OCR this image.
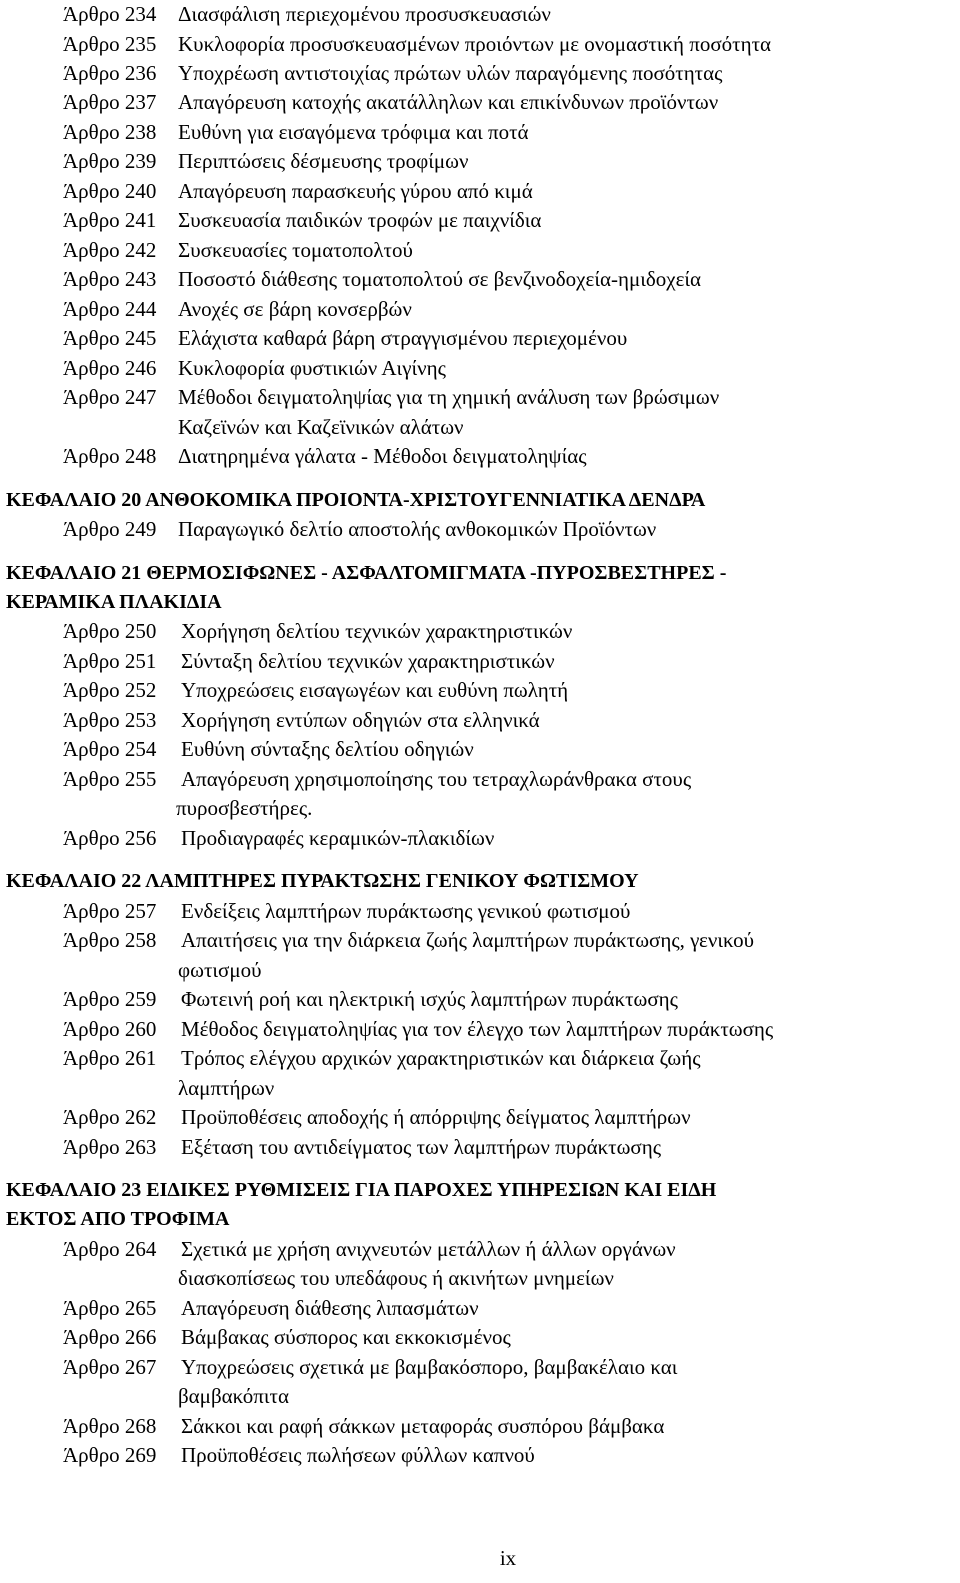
Άρθρο 234 Διασφάλιση περιεχομένου προσυσκευασιών
Άρθρο 235 Κυκλοφορία προσυσκευασμένων προιόντων με ονομαστική ποσότητα
Άρθρο 236 Υποχρέωση αντιστοιχίας πρώτων υλών παραγόμενης ποσότητας
Άρθρο 237 Απαγόρευση κατοχής ακατάλληλων και επικίνδυνων προϊόντων
Άρθρο 238 Ευθύνη για εισαγόμενα τρόφιμα και ποτά
Άρθρο 239 Περιπτώσεις δέσμευσης τροφίμων
Άρθρο 240 Απαγόρευση παρασκευής γύρου από κιμά
Άρθρο 241 Συσκευασία παιδικών τροφών με παιχνίδια
Άρθρο 242 Συσκευασίες τοματοπολτού
Άρθρο 243 Ποσοστό διάθεσης τοματοπολτού σε βενζινοδοχεία-ημιδοχεία
Άρθρο 244 Ανοχές σε βάρη κονσερβών
Άρθρο 245 Ελάχιστα καθαρά βάρη στραγγισμένου περιεχομένου
Άρθρο 246 Κυκλοφορία φυστικιών Αιγίνης
Άρθρο 247 Μέθοδοι δειγματοληψίας για τη χημική ανάλυση των βρώσιμων
Καζεϊνών και Καζεϊνικών αλάτων
Άρθρο 248 Διατηρημένα γάλατα - Μέθοδοι δειγματοληψίας
ΚΕΦΑΛΑΙΟ 20 ΑΝΘΟΚΟΜΙΚΑ ΠΡΟΙΟΝΤΑ-ΧΡΙΣΤΟΥΓΕΝΝΙΑΤΙΚΑ ΔΕΝΔΡΑ
Άρθρο 249 Παραγωγικό δελτίο αποστολής ανθοκομικών Προϊόντων
ΚΕΦΑΛΑΙΟ 21 ΘΕΡΜΟΣΙΦΩΝΕΣ - ΑΣΦΑΛΤΟΜΙΓΜΑΤΑ -ΠΥΡΟΣΒΕΣΤΗΡΕΣ -
ΚΕΡΑΜΙΚΑ ΠΛΑΚΙΔΙΑ
Άρθρο 250 Χορήγηση δελτίου τεχνικών χαρακτηριστικών
Άρθρο 251 Σύνταξη δελτίου τεχνικών χαρακτηριστικών
Άρθρο 252 Υποχρεώσεις εισαγωγέων και ευθύνη πωλητή
Άρθρο 253 Χορήγηση εντύπων οδηγιών στα ελληνικά
Άρθρο 254 Ευθύνη σύνταξης δελτίου οδηγιών
Άρθρο 255 Απαγόρευση χρησιμοποίησης του τετραχλωράνθρακα στους
πυροσβεστήρες.
Άρθρο 256 Προδιαγραφές κεραμικών-πλακιδίων
ΚΕΦΑΛΑΙΟ 22 ΛΑΜΠΤΗΡΕΣ ΠΥΡΑΚΤΩΣΗΣ ΓΕΝΙΚΟΥ ΦΩΤΙΣΜΟΥ
Άρθρο 257 Ενδείξεις λαμπτήρων πυράκτωσης γενικού φωτισμού
Άρθρο 258 Απαιτήσεις για την διάρκεια ζωής λαμπτήρων πυράκτωσης, γενικού
φωτισμού
Άρθρο 259 Φωτεινή ροή και ηλεκτρική ισχύς λαμπτήρων πυράκτωσης
Άρθρο 260 Μέθοδος δειγματοληψίας για τον έλεγχο των λαμπτήρων πυράκτωσης
Άρθρο 261 Τρόπος ελέγχου αρχικών χαρακτηριστικών και διάρκεια ζωής
λαμπτήρων
Άρθρο 262 Προϋποθέσεις αποδοχής ή απόρριψης δείγματος λαμπτήρων
Άρθρο 263 Εξέταση του αντιδείγματος των λαμπτήρων πυράκτωσης
ΚΕΦΑΛΑΙΟ 23 ΕΙΔΙΚΕΣ ΡΥΘΜΙΣΕΙΣ ΓΙΑ ΠΑΡΟΧΕΣ ΥΠΗΡΕΣΙΩΝ ΚΑΙ ΕΙΔΗ
ΕΚΤΟΣ ΑΠΟ ΤΡΟΦΙΜΑ
Άρθρο 264 Σχετικά με χρήση ανιχνευτών μετάλλων ή άλλων οργάνων
διασκοπίσεως του υπεδάφους ή ακινήτων μνημείων
Άρθρο 265 Απαγόρευση διάθεσης λιπασμάτων
Άρθρο 266 Βάμβακας σύσπορος και εκκοκισμένος
Άρθρο 267 Υποχρεώσεις σχετικά με βαμβακόσπορο, βαμβακέλαιο και
βαμβακόπιτα
Άρθρο 268 Σάκκοι και ραφή σάκκων μεταφοράς συσπόρου βάμβακα
Άρθρο 269 Προϋποθέσεις πωλήσεων φύλλων καπνού
ix
